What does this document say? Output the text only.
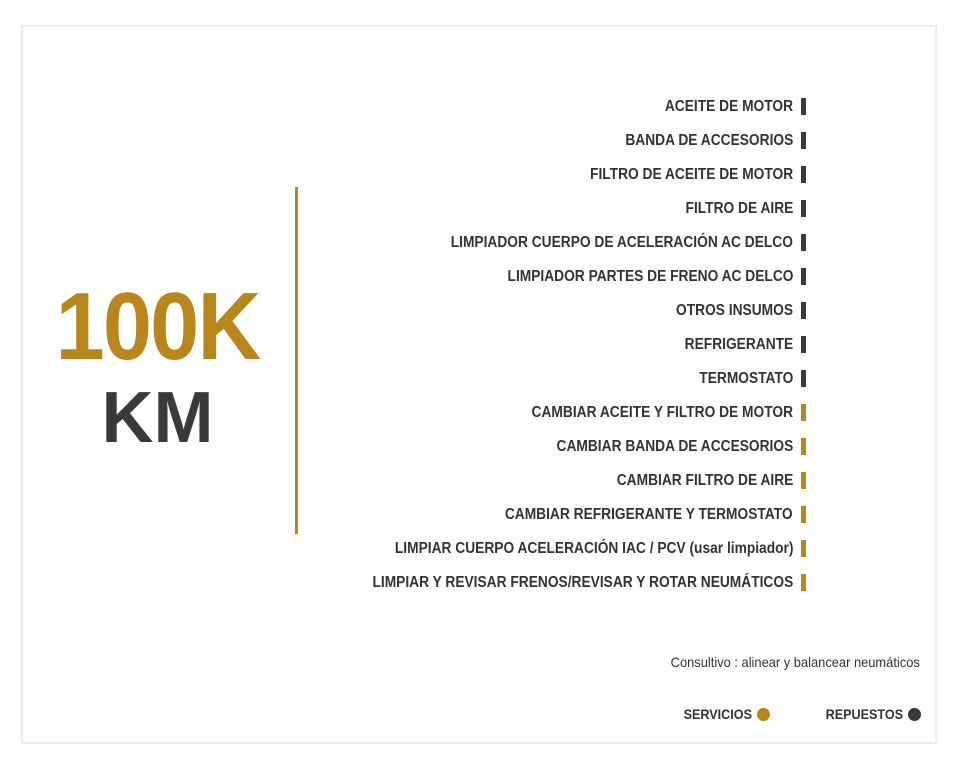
100K
KM
ACEITE DE MOTOR
BANDA DE ACCESORIOS
FILTRO DE ACEITE DE MOTOR
FILTRO DE AIRE
LIMPIADOR CUERPO DE ACELERACIÓN AC DELCO
LIMPIADOR PARTES DE FRENO AC DELCO
OTROS INSUMOS
REFRIGERANTE
TERMOSTATO
CAMBIAR ACEITE Y FILTRO DE MOTOR
CAMBIAR BANDA DE ACCESORIOS
CAMBIAR FILTRO DE AIRE
CAMBIAR REFRIGERANTE Y TERMOSTATO
LIMPIAR CUERPO ACELERACIÓN IAC / PCV (usar limpiador)
LIMPIAR Y REVISAR FRENOS/REVISAR Y ROTAR NEUMÁTICOS
Consultivo : alinear y balancear neumáticos
SERVICIOS	REPUESTOS
